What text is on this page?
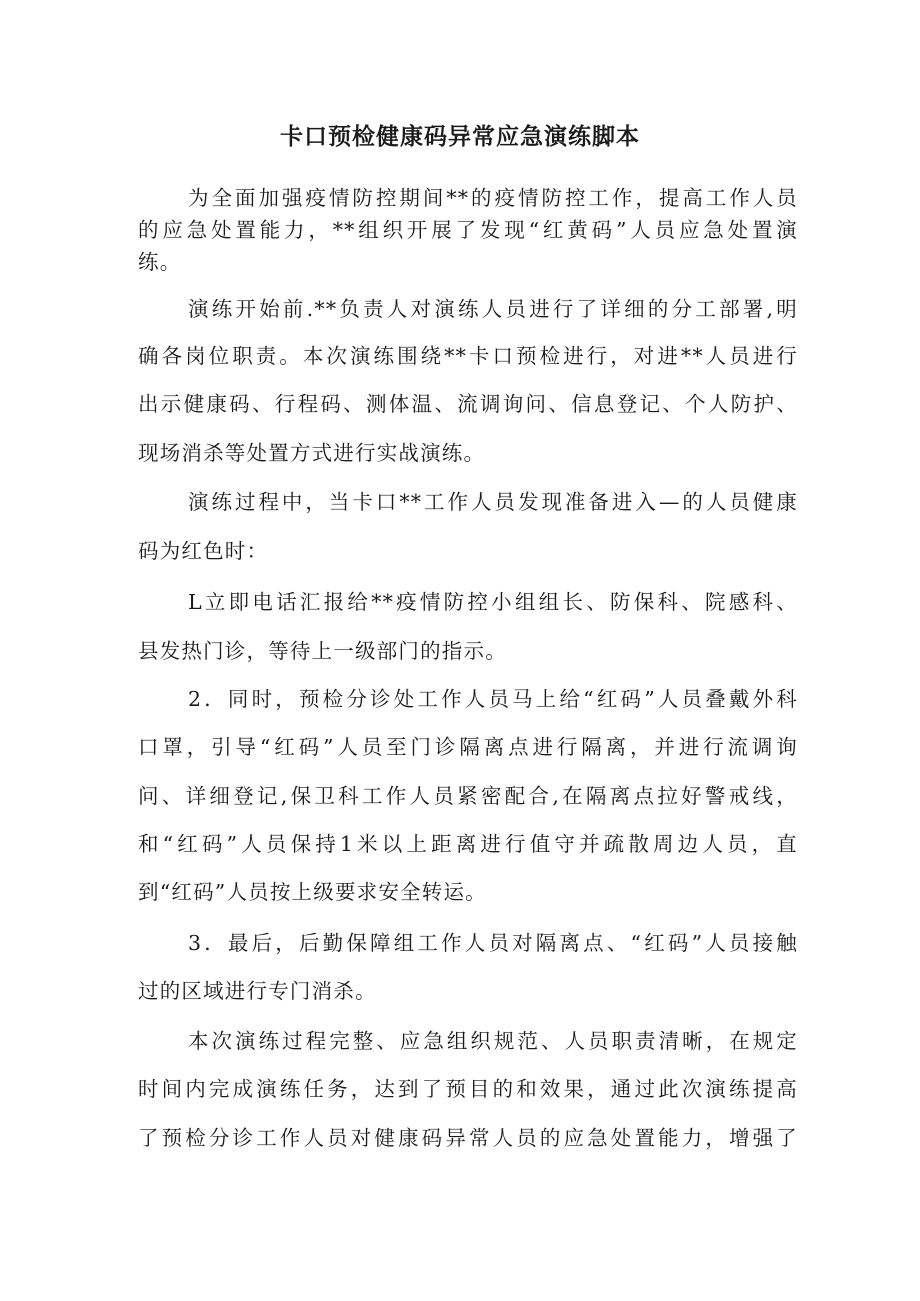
卡口预检健康码异常应急演练脚本
为全面加强疫情防控期间**的疫情防控工作，提高工作人员
的应急处置能力，**组织开展了发现“红黄码”人员应急处置演
练。
演练开始前.**负责人对演练人员进行了详细的分工部署,明
确各岗位职责。本次演练围绕**卡口预检进行，对进**人员进行
出示健康码、行程码、测体温、流调询问、信息登记、个人防护、
现场消杀等处置方式进行实战演练。
演练过程中，当卡口**工作人员发现准备进入—的人员健康
码为红色时：
L立即电话汇报给**疫情防控小组组长、防保科、院感科、
县发热门诊，等待上一级部门的指示。
2．同时，预检分诊处工作人员马上给“红码”人员叠戴外科
口罩，引导“红码”人员至门诊隔离点进行隔离，并进行流调询
问、详细登记,保卫科工作人员紧密配合,在隔离点拉好警戒线，
和“红码”人员保持1米以上距离进行值守并疏散周边人员，直
到“红码”人员按上级要求安全转运。
3．最后，后勤保障组工作人员对隔离点、“红码”人员接触
过的区域进行专门消杀。
本次演练过程完整、应急组织规范、人员职责清晰，在规定
时间内完成演练任务，达到了预目的和效果，通过此次演练提高
了预检分诊工作人员对健康码异常人员的应急处置能力，增强了
